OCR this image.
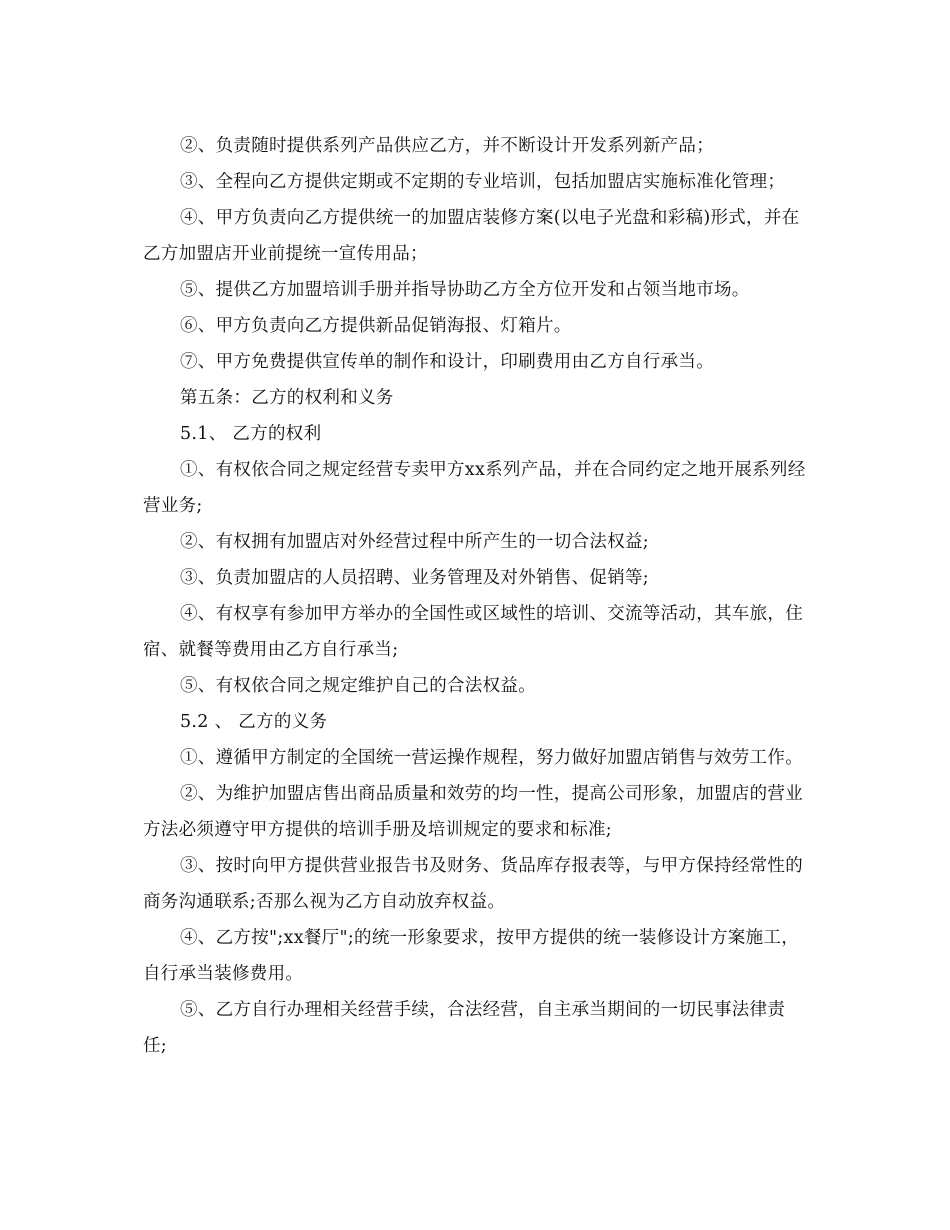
②、负责随时提供系列产品供应乙方，并不断设计开发系列新产品；

③、全程向乙方提供定期或不定期的专业培训，包括加盟店实施标准化管理；

④、甲方负责向乙方提供统一的加盟店装修方案(以电子光盘和彩稿)形式，并在乙方加盟店开业前提统一宣传用品；

⑤、提供乙方加盟培训手册并指导协助乙方全方位开发和占领当地市场。

⑥、甲方负责向乙方提供新品促销海报、灯箱片。

⑦、甲方免费提供宣传单的制作和设计，印刷费用由乙方自行承当。

第五条：乙方的权利和义务

5.1、 乙方的权利

①、有权依合同之规定经营专卖甲方xx系列产品，并在合同约定之地开展系列经营业务;

②、有权拥有加盟店对外经营过程中所产生的一切合法权益;

③、负责加盟店的人员招聘、业务管理及对外销售、促销等;

④、有权享有参加甲方举办的全国性或区域性的培训、交流等活动，其车旅，住宿、就餐等费用由乙方自行承当;

⑤、有权依合同之规定维护自己的合法权益。

5.2 、 乙方的义务

①、遵循甲方制定的全国统一营运操作规程，努力做好加盟店销售与效劳工作。

②、为维护加盟店售出商品质量和效劳的均一性，提高公司形象，加盟店的营业方法必须遵守甲方提供的培训手册及培训规定的要求和标准;

③、按时向甲方提供营业报告书及财务、货品库存报表等，与甲方保持经常性的商务沟通联系;否那么视为乙方自动放弃权益。

④、乙方按";xx餐厅";的统一形象要求，按甲方提供的统一装修设计方案施工，自行承当装修费用。

⑤、乙方自行办理相关经营手续，合法经营，自主承当期间的一切民事法律责任;
